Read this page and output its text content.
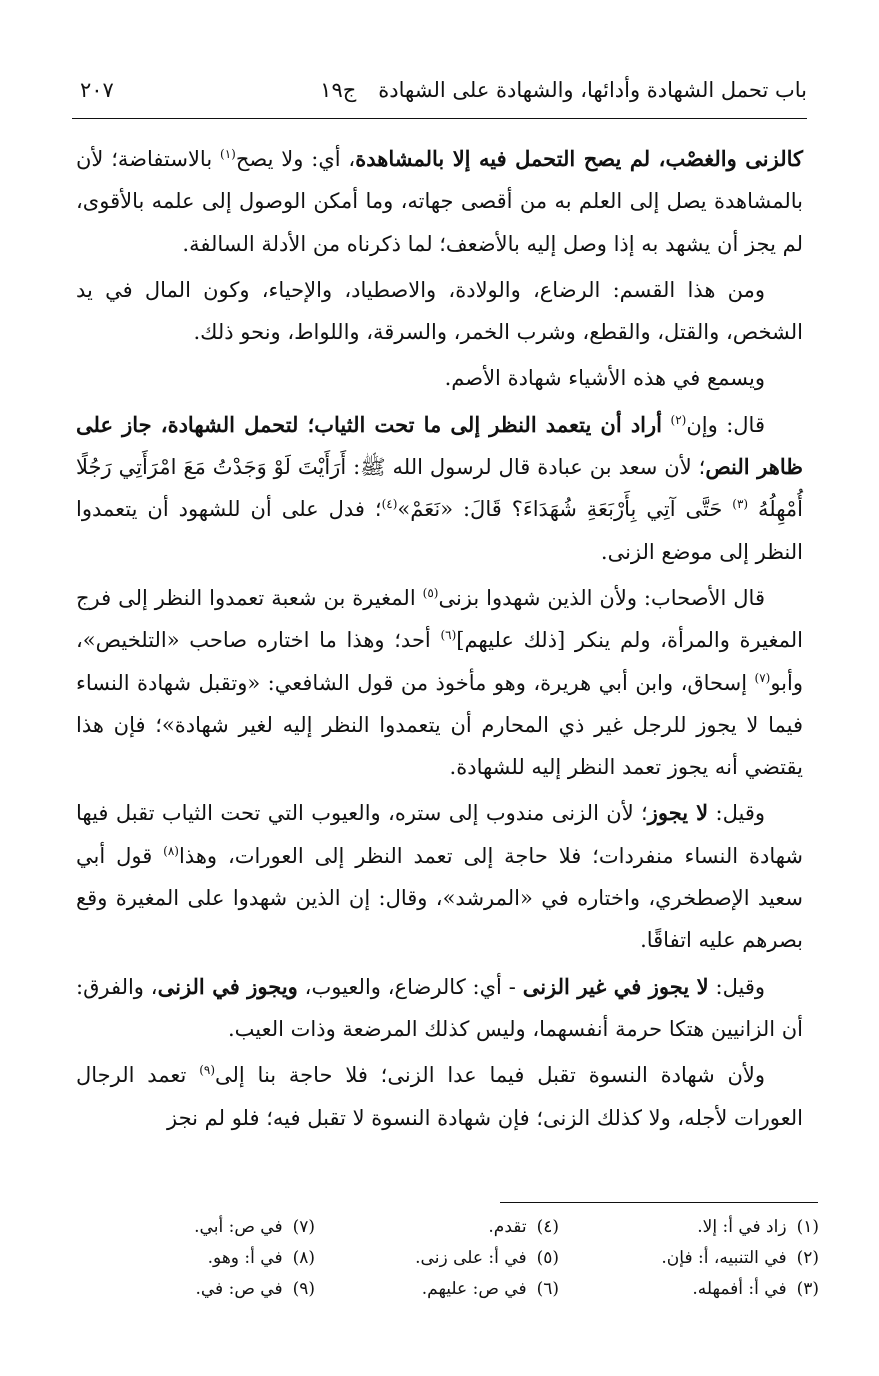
باب تحمل الشهادة وأدائها، والشهادة على الشهادةج١٩
٢٠٧

كالزنى والغصْب، لم يصح التحمل فيه إلا بالمشاهدة، أي: ولا يصح$^{(١)}$ بالاستفاضة؛ لأن بالمشاهدة يصل إلى العلم به من أقصى جهاته، وما أمكن الوصول إلى علمه بالأقوى، لم يجز أن يشهد به إذا وصل إليه بالأضعف؛ لما ذكرناه من الأدلة السالفة.

ومن هذا القسم: الرضاع، والولادة، والاصطياد، والإحياء، وكون المال في يد الشخص، والقتل، والقطع، وشرب الخمر، والسرقة، واللواط، ونحو ذلك.

ويسمع في هذه الأشياء شهادة الأصم.

قال: وإن$^{(٢)}$ أراد أن يتعمد النظر إلى ما تحت الثياب؛ لتحمل الشهادة، جاز على ظاهر النص؛ لأن سعد بن عبادة قال لرسول الله ﷺ: أَرَأَيْتَ لَوْ وَجَدْتُ مَعَ امْرَأَتِي رَجُلًا أُمْهِلُهُ $^{(٣)}$ حَتَّى آتِي بِأَرْبَعَةِ شُهَدَاءَ؟ قَالَ: «نَعَمْ»$^{(٤)}$؛ فدل على أن للشهود أن يتعمدوا النظر إلى موضع الزنى.

قال الأصحاب: ولأن الذين شهدوا بزنى$^{(٥)}$ المغيرة بن شعبة تعمدوا النظر إلى فرج المغيرة والمرأة، ولم ينكر [ذلك عليهم]$^{(٦)}$ أحد؛ وهذا ما اختاره صاحب «التلخيص»، وأبو$^{(٧)}$ إسحاق، وابن أبي هريرة، وهو مأخوذ من قول الشافعي: «وتقبل شهادة النساء فيما لا يجوز للرجل غير ذي المحارم أن يتعمدوا النظر إليه لغير شهادة»؛ فإن هذا يقتضي أنه يجوز تعمد النظر إليه للشهادة.

وقيل: لا يجوز؛ لأن الزنى مندوب إلى ستره، والعيوب التي تحت الثياب تقبل فيها شهادة النساء منفردات؛ فلا حاجة إلى تعمد النظر إلى العورات، وهذا$^{(٨)}$ قول أبي سعيد الإصطخري، واختاره في «المرشد»، وقال: إن الذين شهدوا على المغيرة وقع بصرهم عليه اتفاقًا.

وقيل: لا يجوز في غير الزنى - أي: كالرضاع، والعيوب، ويجوز في الزنى، والفرق: أن الزانيين هتكا حرمة أنفسهما، وليس كذلك المرضعة وذات العيب.

ولأن شهادة النسوة تقبل فيما عدا الزنى؛ فلا حاجة بنا إلى$^{(٩)}$ تعمد الرجال العورات لأجله، ولا كذلك الزنى؛ فإن شهادة النسوة لا تقبل فيه؛ فلو لم نجز

(١)زاد في أ: إلا.
(٤)تقدم.
(٧)في ص: أبي.
(٢)في التنبيه، أ: فإن.
(٥)في أ: على زنى.
(٨)في أ: وهو.
(٣)في أ: أفمهله.
(٦)في ص: عليهم.
(٩)في ص: في.
